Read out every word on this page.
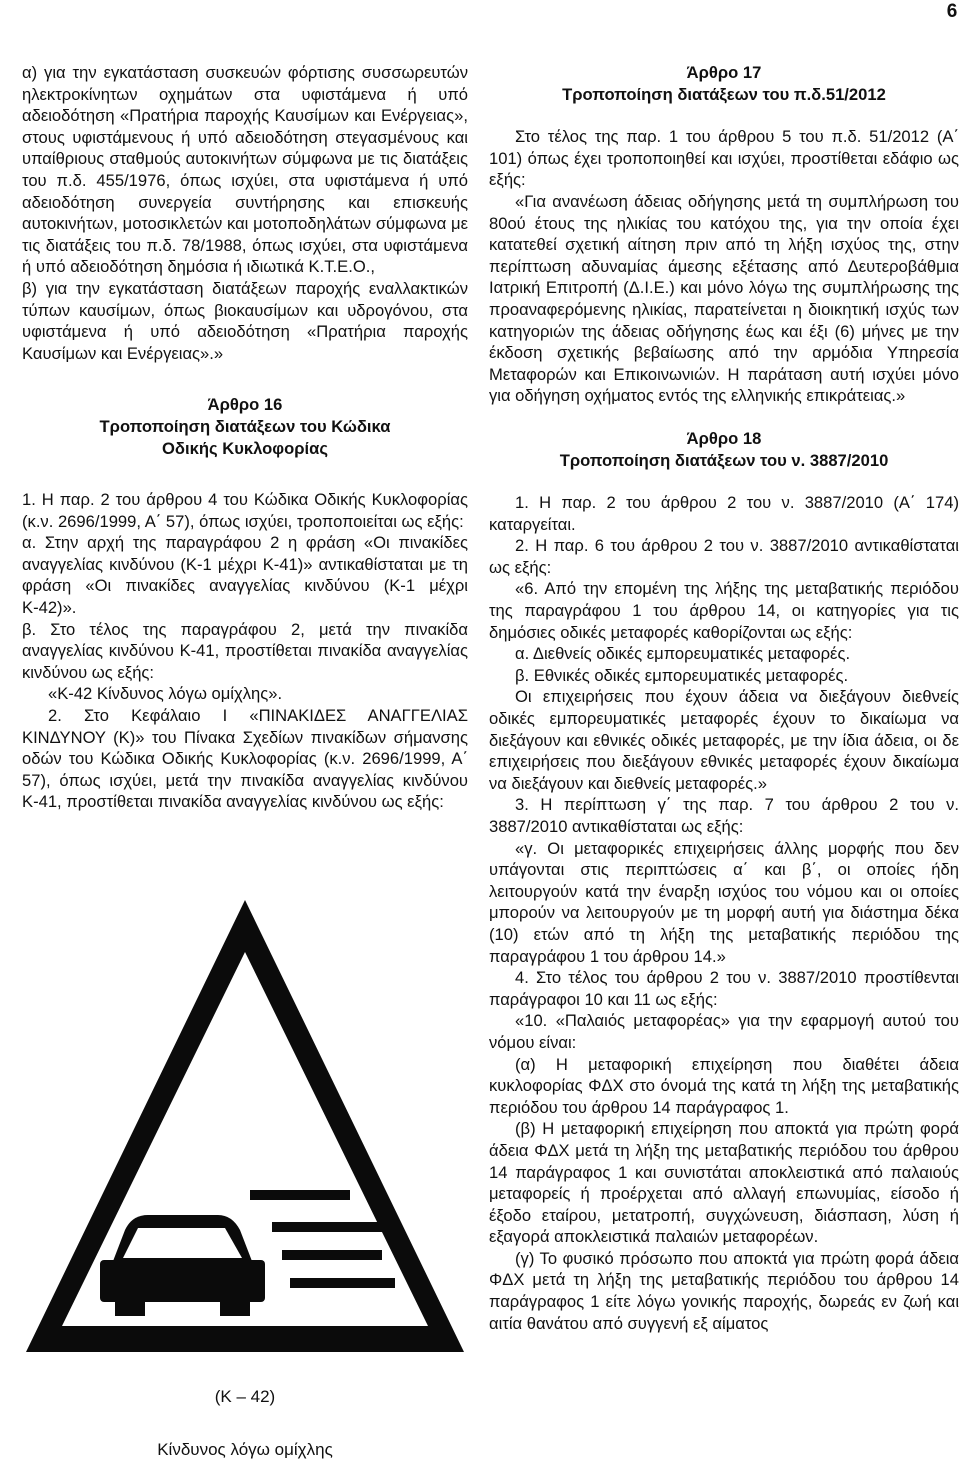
6

α) για την εγκατάσταση συσκευών φόρτισης συσσωρευτών ηλεκτροκίνητων οχημάτων στα υφιστάμενα ή υπό αδειοδότηση «Πρατήρια παροχής Καυσίμων και Ενέργειας», στους υφιστάμενους ή υπό αδειοδότηση στεγασμένους και υπαίθριους σταθμούς αυτοκινήτων σύμφωνα με τις διατάξεις του π.δ. 455/1976, όπως ισχύει, στα υφιστάμενα ή υπό αδειοδότηση συνεργεία συντήρησης και επισκευής αυτοκινήτων, μοτοσικλετών και μοτοποδηλάτων σύμφωνα με τις διατάξεις του π.δ. 78/1988, όπως ισχύει, στα υφιστάμενα ή υπό αδειοδότηση δημόσια ή ιδιωτικά Κ.Τ.Ε.Ο.,

β) για την εγκατάσταση διατάξεων παροχής εναλλακτικών τύπων καυσίμων, όπως βιοκαυσίμων και υδρογόνου, στα υφιστάμενα ή υπό αδειοδότηση «Πρατήρια παροχής Καυσίμων και Ενέργειας».»

Άρθρο 16

Τροποποίηση διατάξεων του Κώδικα

Οδικής Κυκλοφορίας

1. Η παρ. 2 του άρθρου 4 του Κώδικα Οδικής Κυκλοφορίας (κ.ν. 2696/1999, Α΄ 57), όπως ισχύει, τροποποιείται ως εξής:

α. Στην αρχή της παραγράφου 2 η φράση «Οι πινακίδες αναγγελίας κινδύνου (Κ-1 μέχρι Κ-41)» αντικαθίσταται με τη φράση «Οι πινακίδες αναγγελίας κινδύνου (Κ-1 μέχρι Κ-42)».

β. Στο τέλος της παραγράφου 2, μετά την πινακίδα αναγγελίας κινδύνου Κ-41, προστίθεται πινακίδα αναγγελίας κινδύνου ως εξής:

«Κ-42 Κίνδυνος λόγω ομίχλης».

2. Στο Κεφάλαιο Ι «ΠΙΝΑΚΙΔΕΣ ΑΝΑΓΓΕΛΙΑΣ ΚΙΝΔΥΝΟΥ (Κ)» του Πίνακα Σχεδίων πινακίδων σήμανσης οδών του Κώδικα Οδικής Κυκλοφορίας (κ.ν. 2696/1999, Α΄ 57), όπως ισχύει, μετά την πινακίδα αναγγελίας κινδύνου Κ-41, προστίθεται πινακίδα αναγγελίας κινδύνου ως εξής:

(Κ – 42)
Κίνδυνος λόγω ομίχλης

Άρθρο 17

Τροποποίηση διατάξεων του π.δ.51/2012

Στο τέλος της παρ. 1 του άρθρου 5 του π.δ. 51/2012 (Α΄ 101) όπως έχει τροποποιηθεί και ισχύει, προστίθεται εδάφιο ως εξής:

«Για ανανέωση άδειας οδήγησης μετά τη συμπλήρωση του 80ού έτους της ηλικίας του κατόχου της, για την οποία έχει κατατεθεί σχετική αίτηση πριν από τη λήξη ισχύος της, στην περίπτωση αδυναμίας άμεσης εξέτασης από Δευτεροβάθμια Ιατρική Επιτροπή (Δ.Ι.Ε.) και μόνο λόγω της συμπλήρωσης της προαναφερόμενης ηλικίας, παρατείνεται η διοικητική ισχύς των κατηγοριών της άδειας οδήγησης έως και έξι (6) μήνες με την έκδοση σχετικής βεβαίωσης από την αρμόδια Υπηρεσία Μεταφορών και Επικοινωνιών. Η παράταση αυτή ισχύει μόνο για οδήγηση οχήματος εντός της ελληνικής επικράτειας.»

Άρθρο 18

Τροποποίηση διατάξεων του ν. 3887/2010

1. Η παρ. 2 του άρθρου 2 του ν. 3887/2010 (Α΄ 174) καταργείται.

2. Η παρ. 6 του άρθρου 2 του ν. 3887/2010 αντικαθίσταται ως εξής:

«6. Από την επομένη της λήξης της μεταβατικής περιόδου της παραγράφου 1 του άρθρου 14, οι κατηγορίες για τις δημόσιες οδικές μεταφορές καθορίζονται ως εξής:

α. Διεθνείς οδικές εμπορευματικές μεταφορές.

β. Εθνικές οδικές εμπορευματικές μεταφορές.

Οι επιχειρήσεις που έχουν άδεια να διεξάγουν διεθνείς οδικές εμπορευματικές μεταφορές έχουν το δικαίωμα να διεξάγουν και εθνικές οδικές μεταφορές, με την ίδια άδεια, οι δε επιχειρήσεις που διεξάγουν εθνικές μεταφορές έχουν δικαίωμα να διεξάγουν και διεθνείς μεταφορές.»

3. Η περίπτωση γ΄ της παρ. 7 του άρθρου 2 του ν. 3887/2010 αντικαθίσταται ως εξής:

«γ. Οι μεταφορικές επιχειρήσεις άλλης μορφής που δεν υπάγονται στις περιπτώσεις α΄ και β΄, οι οποίες ήδη λειτουργούν κατά την έναρξη ισχύος του νόμου και οι οποίες μπορούν να λειτουργούν με τη μορφή αυτή για διάστημα δέκα (10) ετών από τη λήξη της μεταβατικής περιόδου της παραγράφου 1 του άρθρου 14.»

4. Στο τέλος του άρθρου 2 του ν. 3887/2010 προστίθενται παράγραφοι 10 και 11 ως εξής:

«10. «Παλαιός μεταφορέας» για την εφαρμογή αυτού του νόμου είναι:

(α) Η μεταφορική επιχείρηση που διαθέτει άδεια κυκλοφορίας ΦΔΧ στο όνομά της κατά τη λήξη της μεταβατικής περιόδου του άρθρου 14 παράγραφος 1.

(β) Η μεταφορική επιχείρηση που αποκτά για πρώτη φορά άδεια ΦΔΧ μετά τη λήξη της μεταβατικής περιόδου του άρθρου 14 παράγραφος 1 και συνιστάται αποκλειστικά από παλαιούς μεταφορείς ή προέρχεται από αλλαγή επωνυμίας, είσοδο ή έξοδο εταίρου, μετατροπή, συγχώνευση, διάσπαση, λύση ή εξαγορά αποκλειστικά παλαιών μεταφορέων.

(γ) Το φυσικό πρόσωπο που αποκτά για πρώτη φορά άδεια ΦΔΧ μετά τη λήξη της μεταβατικής περιόδου του άρθρου 14 παράγραφος 1 είτε λόγω γονικής παροχής, δωρεάς εν ζωή και αιτία θανάτου από συγγενή εξ αίματος
